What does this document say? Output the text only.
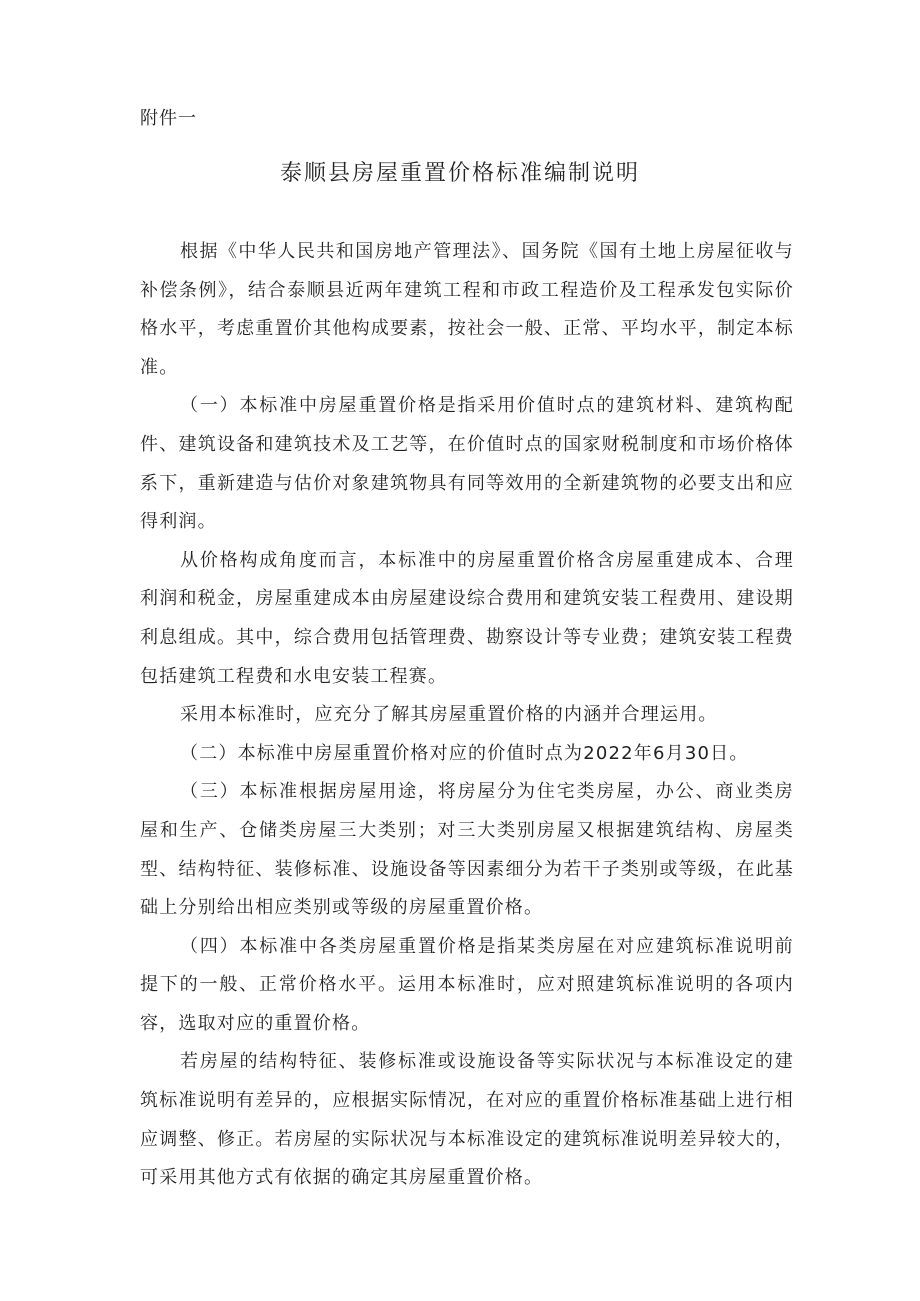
附件一
泰顺县房屋重置价格标准编制说明

根据《中华人民共和国房地产管理法》、国务院《国有土地上房屋征收与补偿条例》，结合泰顺县近两年建筑工程和市政工程造价及工程承发包实际价格水平，考虑重置价其他构成要素，按社会一般、正常、平均水平，制定本标准。

（一）本标准中房屋重置价格是指采用价值时点的建筑材料、建筑构配件、建筑设备和建筑技术及工艺等，在价值时点的国家财税制度和市场价格体系下，重新建造与估价对象建筑物具有同等效用的全新建筑物的必要支出和应得利润。

从价格构成角度而言，本标准中的房屋重置价格含房屋重建成本、合理利润和税金，房屋重建成本由房屋建设综合费用和建筑安装工程费用、建设期利息组成。其中，综合费用包括管理费、勘察设计等专业费；建筑安装工程费包括建筑工程费和水电安装工程赛。

采用本标准时，应充分了解其房屋重置价格的内涵并合理运用。

（二）本标准中房屋重置价格对应的价值时点为2022年6月30日。

（三）本标准根据房屋用途，将房屋分为住宅类房屋，办公、商业类房屋和生产、仓储类房屋三大类别；对三大类别房屋又根据建筑结构、房屋类型、结构特征、装修标准、设施设备等因素细分为若干子类别或等级，在此基础上分别给出相应类别或等级的房屋重置价格。

（四）本标准中各类房屋重置价格是指某类房屋在对应建筑标准说明前提下的一般、正常价格水平。运用本标准时，应对照建筑标准说明的各项内容，选取对应的重置价格。

若房屋的结构特征、装修标准或设施设备等实际状况与本标准设定的建筑标准说明有差异的，应根据实际情况，在对应的重置价格标准基础上进行相应调整、修正。若房屋的实际状况与本标准设定的建筑标准说明差异较大的，可采用其他方式有依据的确定其房屋重置价格。
